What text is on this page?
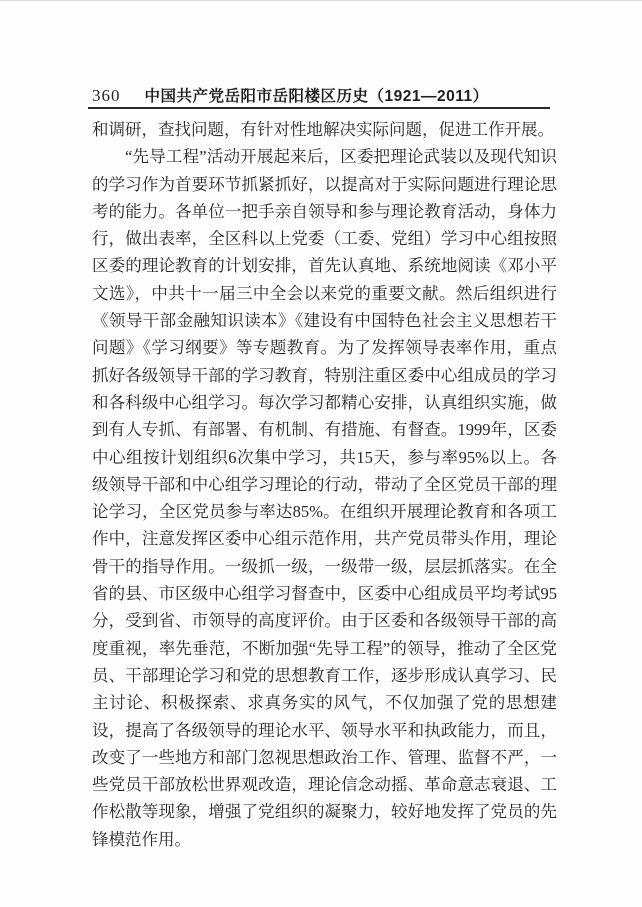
360 中国共产党岳阳市岳阳楼区历史（1921—2011）

和调研，查找问题，有针对性地解决实际问题，促进工作开展。

“先导工程”活动开展起来后，区委把理论武装以及现代知识的学习作为首要环节抓紧抓好，以提高对于实际问题进行理论思考的能力。各单位一把手亲自领导和参与理论教育活动，身体力行，做出表率，全区科以上党委（工委、党组）学习中心组按照区委的理论教育的计划安排，首先认真地、系统地阅读《邓小平文选》，中共十一届三中全会以来党的重要文献。然后组织进行《领导干部金融知识读本》《建设有中国特色社会主义思想若干问题》《学习纲要》等专题教育。为了发挥领导表率作用，重点抓好各级领导干部的学习教育，特别注重区委中心组成员的学习和各科级中心组学习。每次学习都精心安排，认真组织实施，做到有人专抓、有部署、有机制、有措施、有督查。1999年，区委中心组按计划组织6次集中学习，共15天，参与率95%以上。各级领导干部和中心组学习理论的行动，带动了全区党员干部的理论学习，全区党员参与率达85%。在组织开展理论教育和各项工作中，注意发挥区委中心组示范作用，共产党员带头作用，理论骨干的指导作用。一级抓一级，一级带一级，层层抓落实。在全省的县、市区级中心组学习督查中，区委中心组成员平均考试95分，受到省、市领导的高度评价。由于区委和各级领导干部的高度重视，率先垂范，不断加强“先导工程”的领导，推动了全区党员、干部理论学习和党的思想教育工作，逐步形成认真学习、民主讨论、积极探索、求真务实的风气，不仅加强了党的思想建设，提高了各级领导的理论水平、领导水平和执政能力，而且，改变了一些地方和部门忽视思想政治工作、管理、监督不严，一些党员干部放松世界观改造，理论信念动摇、革命意志衰退、工作松散等现象，增强了党组织的凝聚力，较好地发挥了党员的先锋模范作用。
